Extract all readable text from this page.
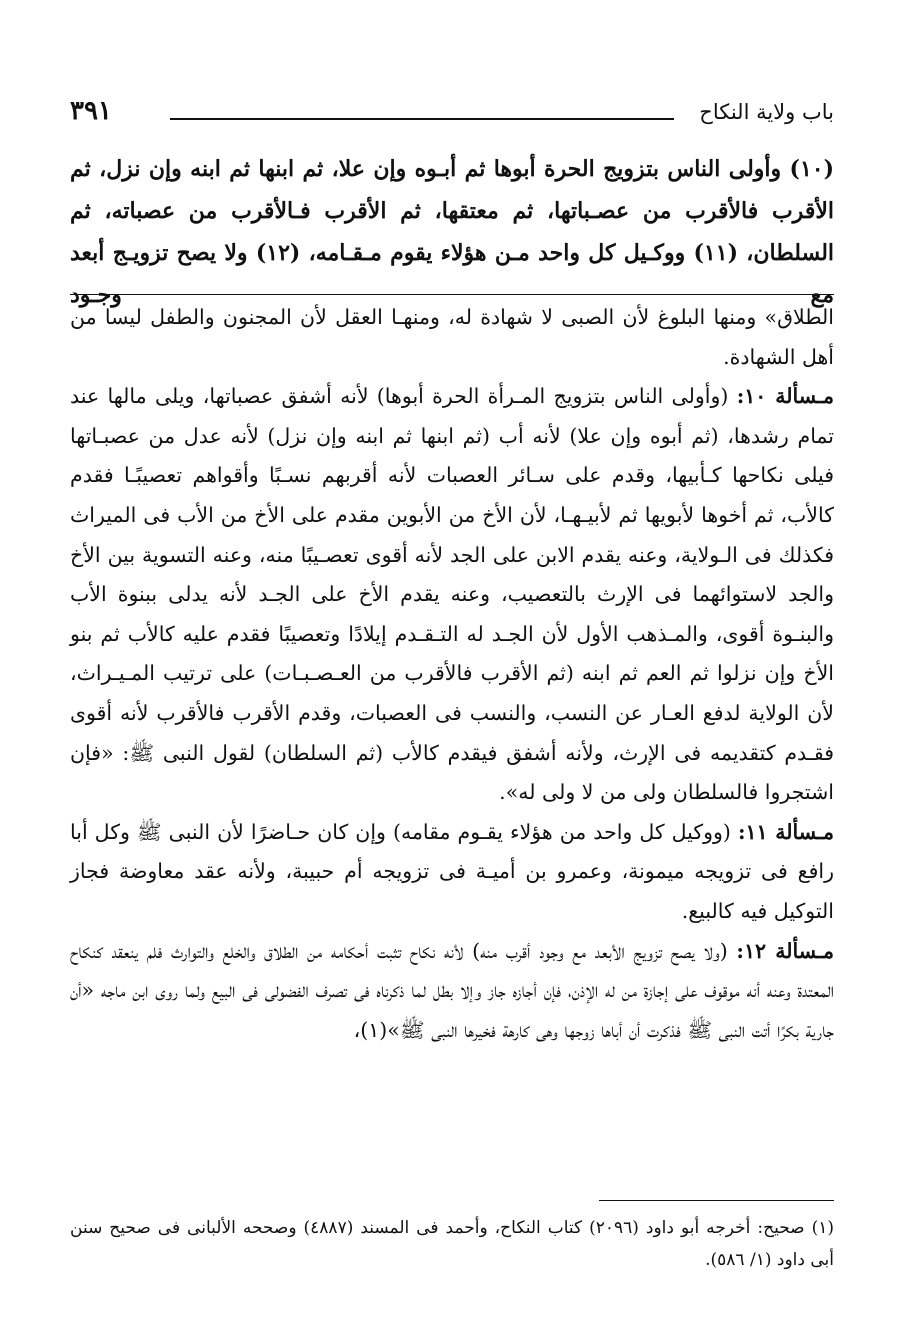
باب ولاية النكاح
٣٩١

(١٠) وأولى الناس بتزويج الحرة أبوها ثم أبـوه وإن علا، ثم ابنها ثم ابنه وإن نزل، ثم الأقرب فالأقرب من عصـباتها، ثم معتقها، ثم الأقرب فـالأقرب من عصباته، ثم السلطان، (١١) ووكـيل كل واحد مـن هؤلاء يقوم مـقـامه، (١٢) ولا يصح تزويـج أبعد مع وجـود

الطلاق» ومنها البلوغ لأن الصبى لا شهادة له، ومنهـا العقل لأن المجنون والطفل ليسا من أهل الشهادة.

مـسألة ١٠: (وأولى الناس بتزويج المـرأة الحرة أبوها) لأنه أشفق عصباتها، ويلى مالها عند تمام رشدها، (ثم أبوه وإن علا) لأنه أب (ثم ابنها ثم ابنه وإن نزل) لأنه عدل من عصبـاتها فيلى نكاحها كـأبيها، وقدم على سـائر العصبات لأنه أقربهم نسـبًا وأقواهم تعصيبًـا فقدم كالأب، ثم أخوها لأبويها ثم لأبيـهـا، لأن الأخ من الأبوين مقدم على الأخ من الأب فى الميراث فكذلك فى الـولاية، وعنه يقدم الابن على الجد لأنه أقوى تعصـيبًا منه، وعنه التسوية بين الأخ والجد لاستوائهما فى الإرث بالتعصيب، وعنه يقدم الأخ على الجـد لأنه يدلى ببنوة الأب والبنـوة أقوى، والمـذهب الأول لأن الجـد له التـقـدم إيلادًا وتعصيبًا فقدم عليه كالأب ثم بنو الأخ وإن نزلوا ثم العم ثم ابنه (ثم الأقرب فالأقرب من العـصـبـات) على ترتيب المـيـراث، لأن الولاية لدفع العـار عن النسب، والنسب فى العصبات، وقدم الأقرب فالأقرب لأنه أقوى فقـدم كتقديمه فى الإرث، ولأنه أشفق فيقدم كالأب (ثم السلطان) لقول النبى ﷺ: «فإن اشتجروا فالسلطان ولى من لا ولى له».

مـسألة ١١: (ووكيل كل واحد من هؤلاء يقـوم مقامه) وإن كان حـاضرًا لأن النبى ﷺ وكل أبا رافع فى تزويجه ميمونة، وعمرو بن أميـة فى تزويجه أم حبيبة، ولأنه عقد معاوضة فجاز التوكيل فيه كالبيع.

مـسألة ١٢: (ولا يصح تزويج الأبعد مع وجود أقرب منه) لأنه نكاح تثبت أحكامه من الطلاق والخلع والتوارث فلم ينعقد كنكاح المعتدة وعنه أنه موقوف على إجازة من له الإذن، فإن أجازه جاز وإلا بطل لما ذكرناه فى تصرف الفضولى فى البيع ولما روى ابن ماجه «أن جارية بكرًا أتت النبى ﷺ فذكرت أن أباها زوجها وهى كارهة فخيرها النبى ﷺ»(١)،

(١) صحيح: أخرجه أبو داود (٢٠٩٦) كتاب النكاح، وأحمد فى المسند (٤٨٨٧) وصححه الألبانى فى صحيح سنن أبى داود (١/ ٥٨٦).
